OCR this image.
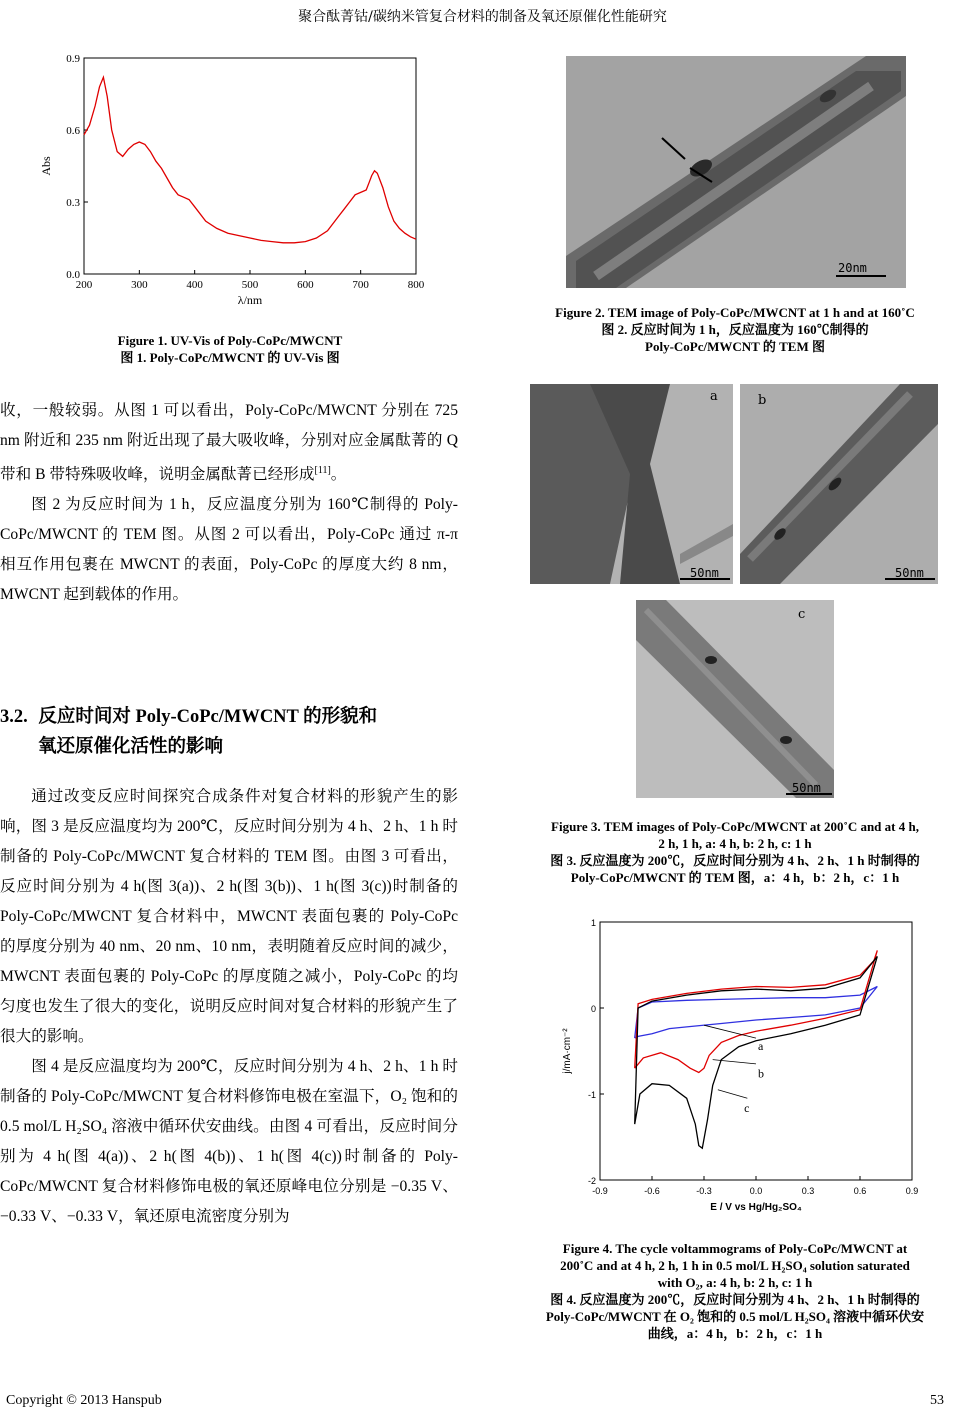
聚合酞菁钴/碳纳米管复合材料的制备及氧还原催化性能研究
200	300	400	500	600	700	800
0.0
0.3
0.6
0.9
λ/nm
Abs
Figure 1. UV-Vis of Poly-CoPc/MWCNT
图 1. Poly-CoPc/MWCNT 的 UV-Vis 图

收，一般较弱。从图 1 可以看出，Poly-CoPc/MWCNT 分别在 725 nm 附近和 235 nm 附近出现了最大吸收峰，分别对应金属酞菁的 Q 带和 B 带特殊吸收峰，说明金属酞菁已经形成[11]。

图 2 为反应时间为 1 h，反应温度分别为 160℃制得的 Poly-CoPc/MWCNT 的 TEM 图。从图 2 可以看出，Poly-CoPc 通过 π-π 相互作用包裹在 MWCNT 的表面，Poly-CoPc 的厚度大约 8 nm，MWCNT 起到载体的作用。

3.2. 反应时间对 Poly-CoPc/MWCNT 的形貌和
氧还原催化活性的影响

通过改变反应时间探究合成条件对复合材料的形貌产生的影响，图 3 是反应温度均为 200℃，反应时间分别为 4 h、2 h、1 h 时制备的 Poly-CoPc/MWCNT 复合材料的 TEM 图。由图 3 可看出，反应时间分别为 4 h(图 3(a))、2 h(图 3(b))、1 h(图 3(c))时制备的 Poly-CoPc/MWCNT 复合材料中，MWCNT 表面包裹的 Poly-CoPc 的厚度分别为 40 nm、20 nm、10 nm，表明随着反应时间的减少，MWCNT 表面包裹的 Poly-CoPc 的厚度随之减小，Poly-CoPc 的均匀度也发生了很大的变化，说明反应时间对复合材料的形貌产生了很大的影响。

图 4 是反应温度均为 200℃，反应时间分别为 4 h、2 h、1 h 时制备的 Poly-CoPc/MWCNT 复合材料修饰电极在室温下，O₂ 饱和的 0.5 mol/L H₂SO₄ 溶液中循环伏安曲线。由图 4 可看出，反应时间分别为 4 h(图 4(a))、2 h(图 4(b))、1 h(图 4(c))时制备的 Poly-CoPc/MWCNT 复合材料修饰电极的氧还原峰电位分别是 −0.35 V、−0.33 V、−0.33 V，氧还原电流密度分别为

20nm
Figure 2. TEM image of Poly-CoPc/MWCNT at 1 h and at 160˚C
图 2. 反应时间为 1 h，反应温度为 160℃制得的
Poly-CoPc/MWCNT 的 TEM 图
a
50nm
b
50nm
c
50nm
Figure 3. TEM images of Poly-CoPc/MWCNT at 200˚C and at 4 h,
2 h, 1 h, a: 4 h, b: 2 h, c: 1 h
图 3. 反应温度为 200℃，反应时间分别为 4 h、2 h、1 h 时制得的
Poly-CoPc/MWCNT 的 TEM 图，a：4 h，b：2 h，c：1 h
-0.9	-0.6	-0.3	0.0	0.3	0.6	0.9
-2
-1
0
1
E / V vs Hg/Hg₂SO₄
j/mA·cm⁻²	a
b
c
Figure 4. The cycle voltammograms of Poly-CoPc/MWCNT at
200˚C and at 4 h, 2 h, 1 h in 0.5 mol/L H₂SO₄ solution saturated
with O₂, a: 4 h, b: 2 h, c: 1 h
图 4. 反应温度为 200℃，反应时间分别为 4 h、2 h、1 h 时制得的
Poly-CoPc/MWCNT 在 O₂ 饱和的 0.5 mol/L H₂SO₄ 溶液中循环伏安
曲线，a：4 h，b：2 h，c：1 h
Copyright © 2013 Hanspub	53
